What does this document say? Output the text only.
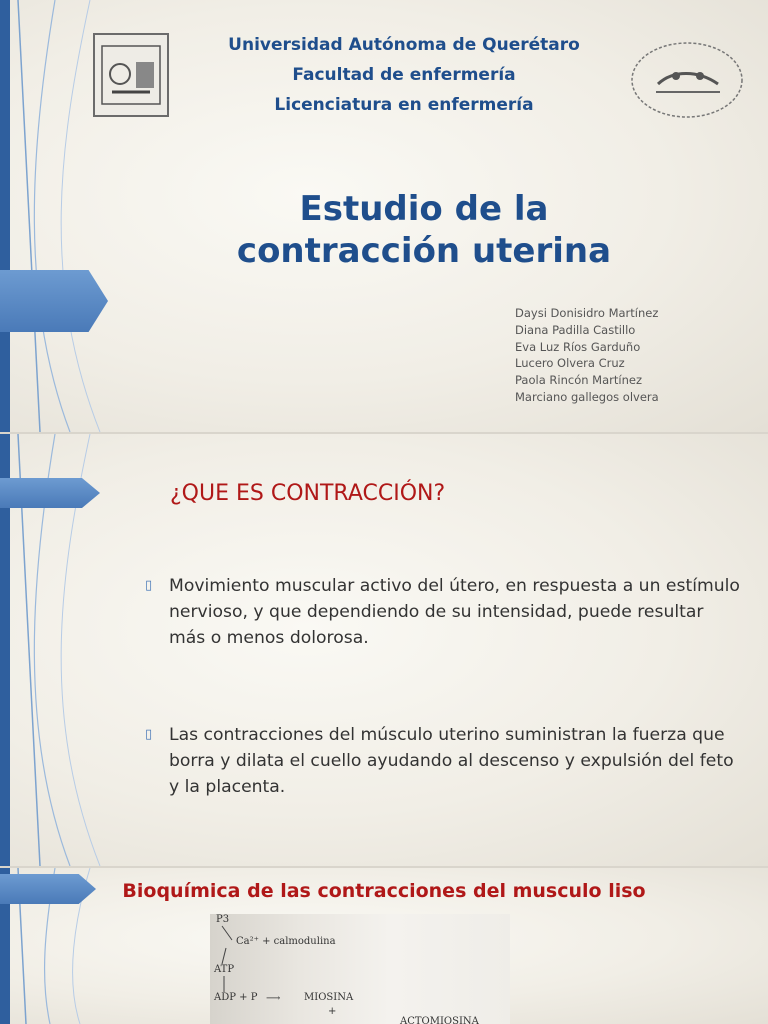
Universidad Autónoma de Querétaro
Facultad de enfermería
Licenciatura en enfermería
Estudio de la
contracción uterina
Daysi Donisidro Martínez
Diana Padilla Castillo
Eva Luz Ríos Garduño
Lucero Olvera Cruz
Paola Rincón Martínez
Marciano gallegos olvera
¿QUE ES CONTRACCIÓN?
▯ Movimiento muscular activo del útero, en respuesta a un estímulo nervioso, y que dependiendo de su intensidad, puede resultar más o menos dolorosa.
▯ Las contracciones del músculo uterino suministran la fuerza que borra y dilata el cuello ayudando al descenso y expulsión del feto y la placenta.
Bioquímica de las contracciones del musculo liso
P3
Ca²⁺ + calmodulina
ATP
ADP + P ⟶ MIOSINA
+
ACTOMIOSINA
